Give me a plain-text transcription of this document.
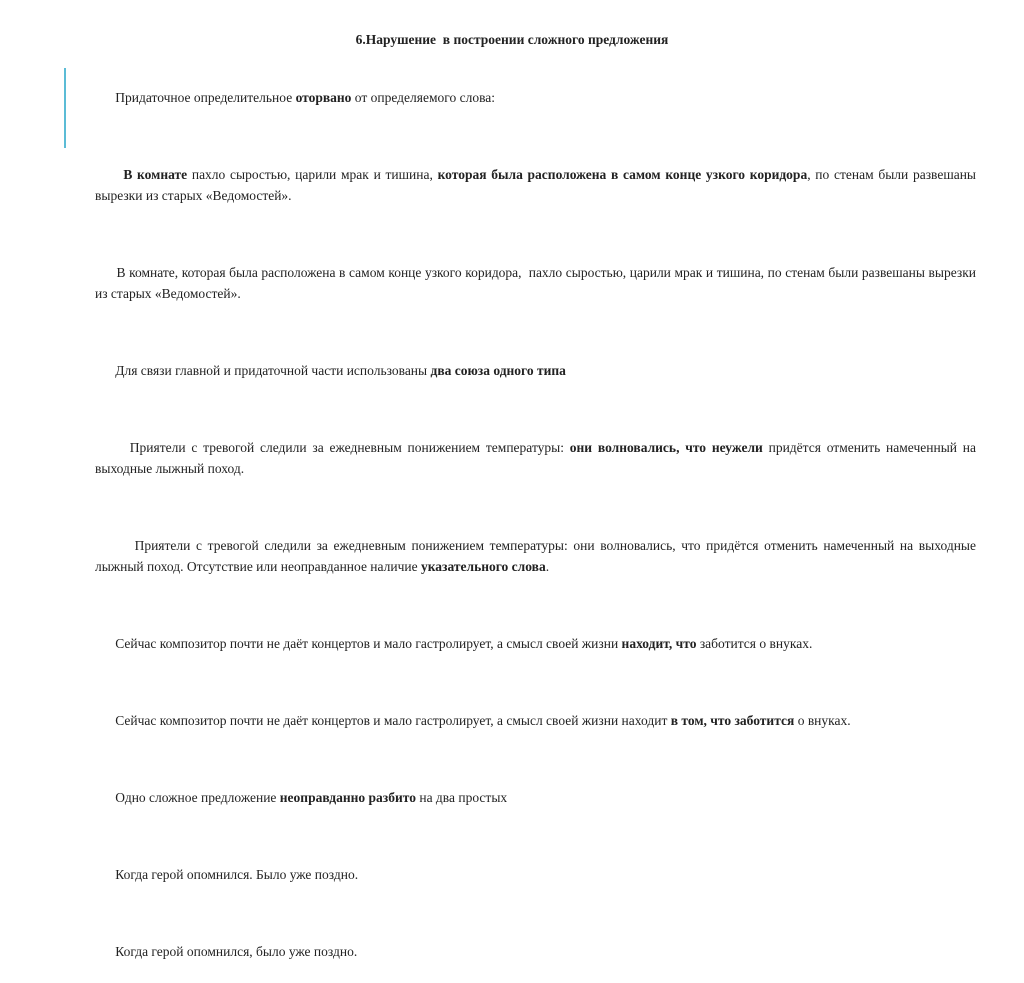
6.Нарушение  в построении сложного предложения

Придаточное определительное оторвано от определяемого слова:

В комнате пахло сыростью, царили мрак и тишина, которая была расположена в самом конце узкого коридора, по стенам были развешаны вырезки из старых «Ведомостей».

В комнате, которая была расположена в самом конце узкого коридора,  пахло сыростью, царили мрак и тишина, по стенам были развешаны вырезки из старых «Ведомостей».

Для связи главной и придаточной части использованы два союза одного типа

Приятели с тревогой следили за ежедневным понижением температуры: они волновались, что неужели придётся отменить намеченный на выходные лыжный поход.

Приятели с тревогой следили за ежедневным понижением температуры: они волновались, что придётся отменить намеченный на выходные лыжный поход. Отсутствие или неоправданное наличие указательного слова.

Сейчас композитор почти не даёт концертов и мало гастролирует, а смысл своей жизни находит, что заботится о внуках.

Сейчас композитор почти не даёт концертов и мало гастролирует, а смысл своей жизни находит в том, что заботится о внуках.

Одно сложное предложение неоправданно разбито на два простых

Когда герой опомнился. Было уже поздно.

Когда герой опомнился, было уже поздно.
